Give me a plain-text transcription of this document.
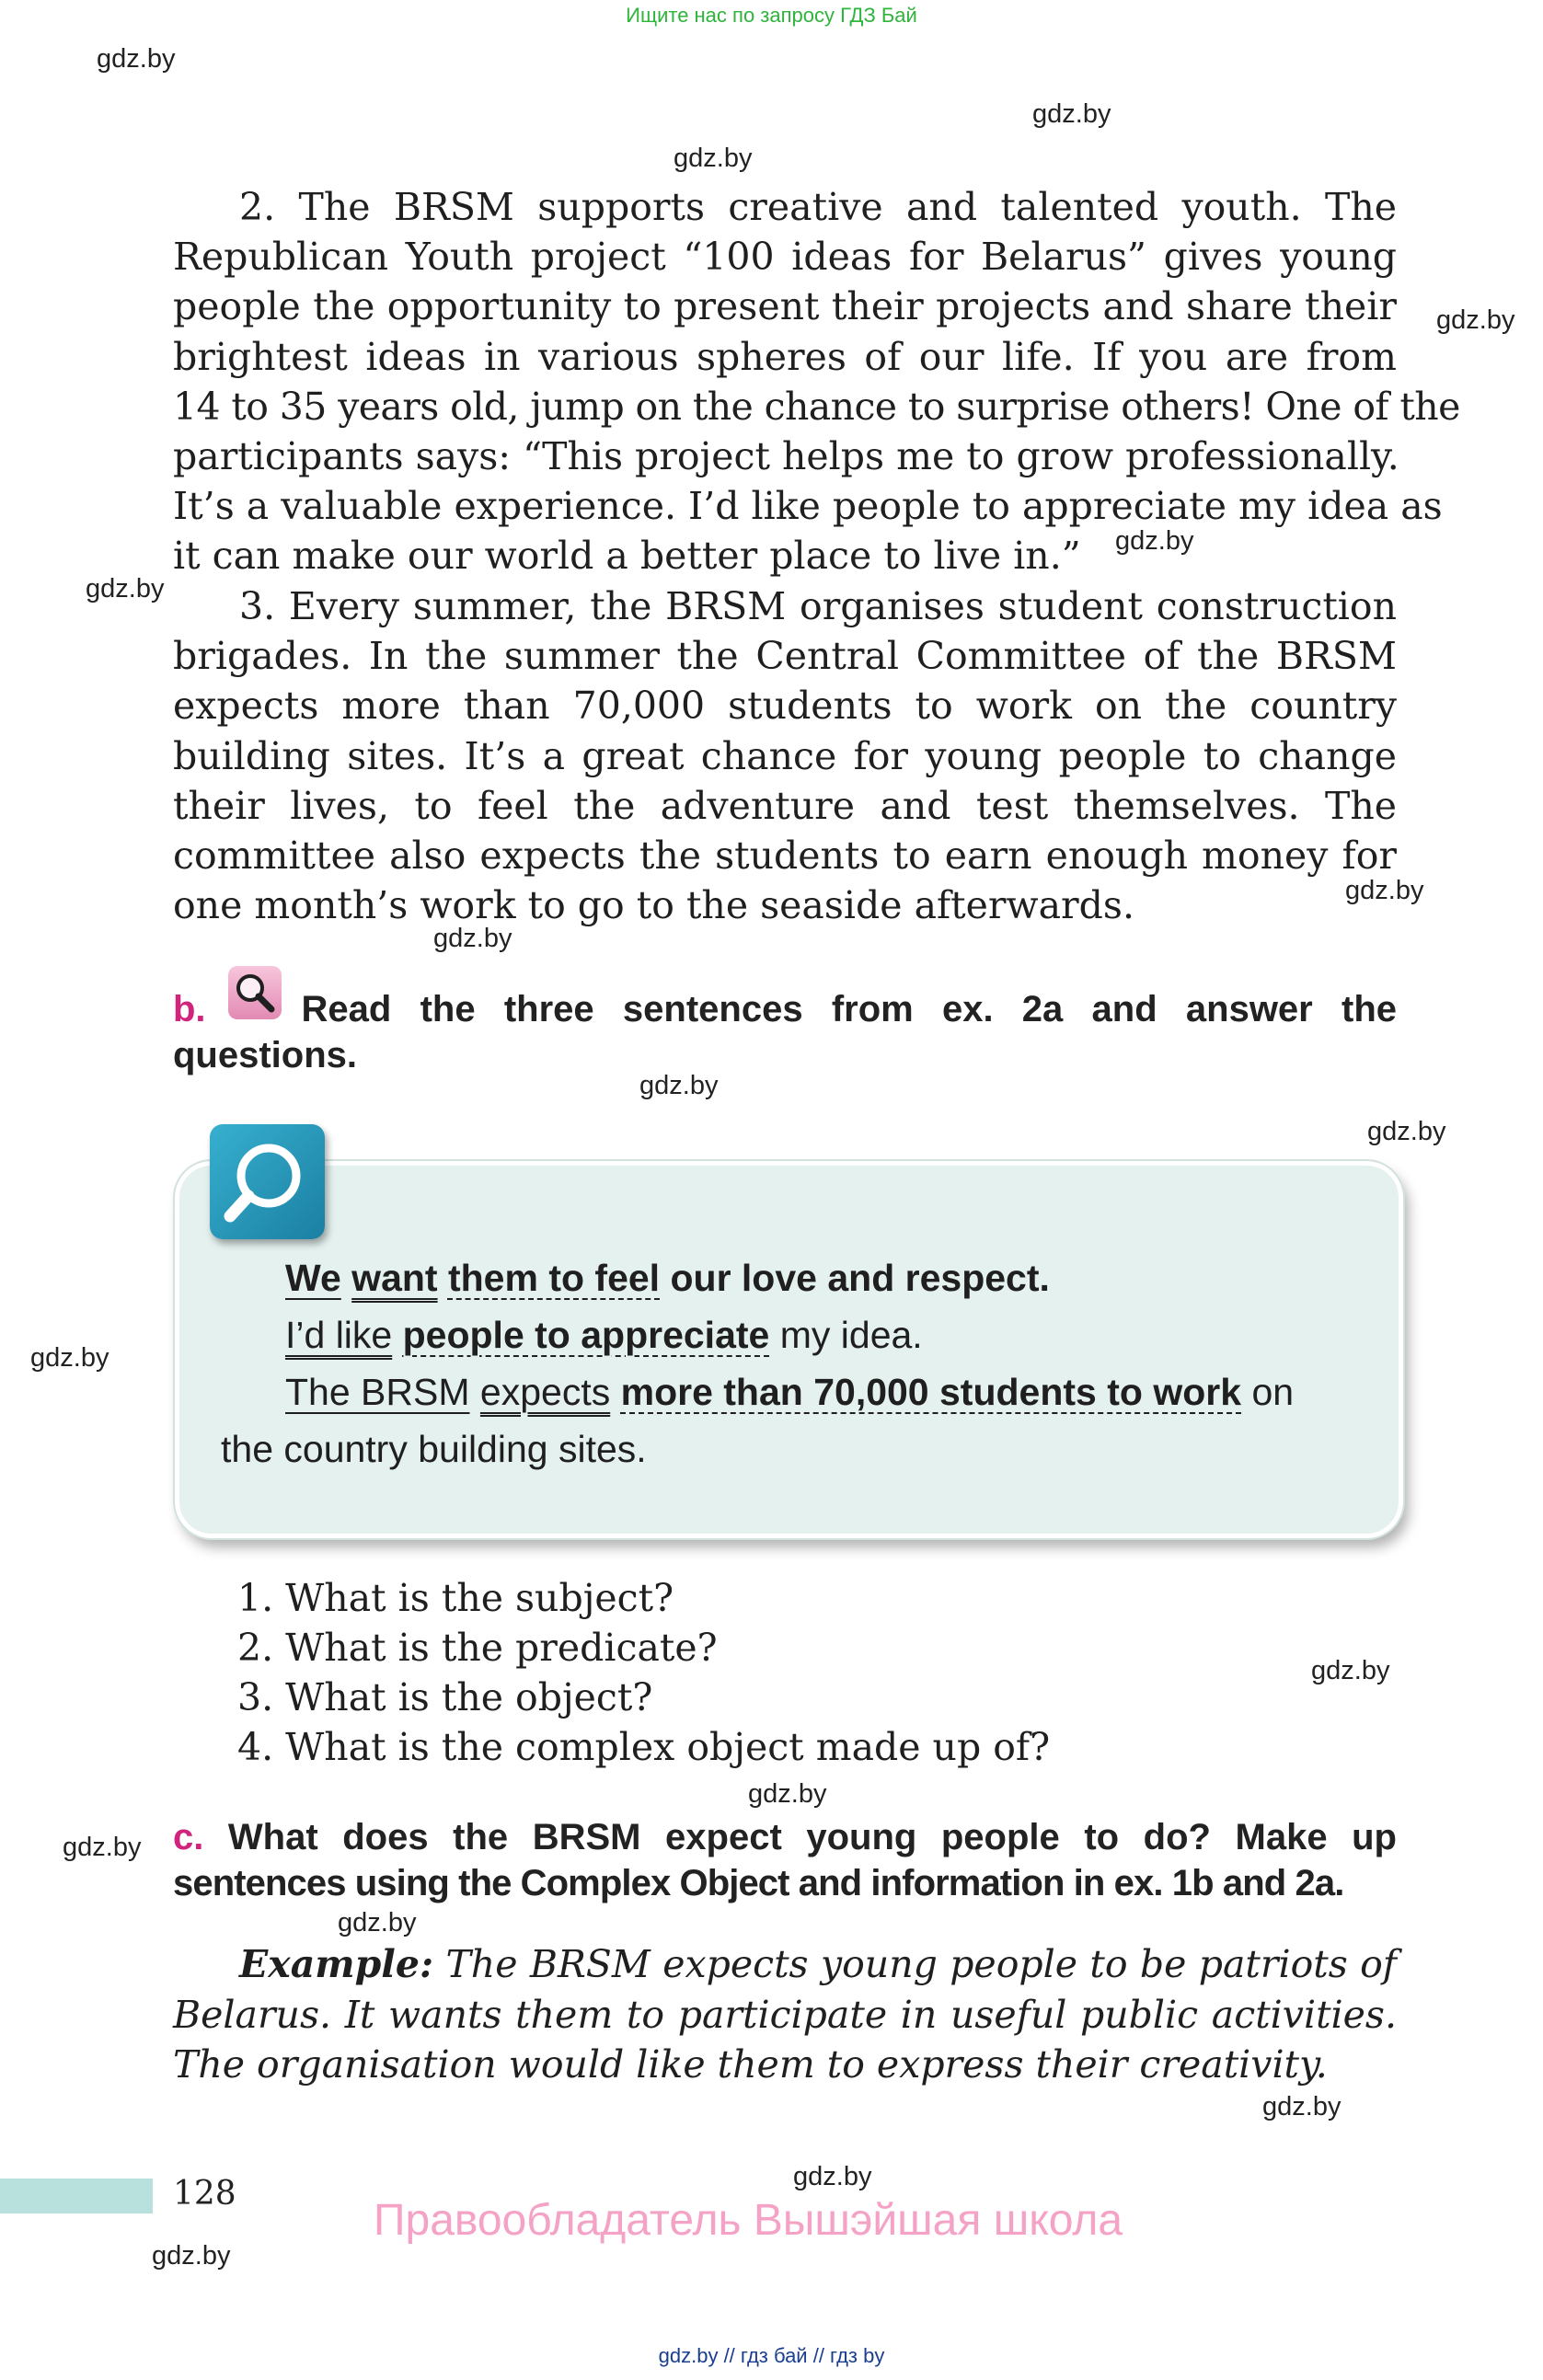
Ищите нас по запросу ГДЗ Бай
gdz.by
gdz.by
gdz.by
gdz.by
gdz.by
gdz.by
gdz.by
gdz.by
gdz.by
gdz.by
gdz.by
gdz.by
gdz.by
gdz.by
gdz.by
gdz.by
gdz.by
gdz.by
2. The BRSM supports creative and talented youth. The
Republican Youth project “100 ideas for Belarus” gives young
people the opportunity to present their projects and share their
brightest ideas in various spheres of our life. If you are from
14 to 35 years old, jump on the chance to surprise others! One of the
participants says: “This project helps me to grow professionally.
It’s a valuable experience. I’d like people to appreciate my idea as
it can make our world a better place to live in.”
3. Every summer, the BRSM organises student construction
brigades. In the summer the Central Committee of the BRSM
expects more than 70,000 students to work on the country
building sites. It’s a great chance for young people to change
their lives, to feel the adventure and test themselves. The
committee also expects the students to earn enough money for
one month’s work to go to the seaside afterwards.
b.	Read the three sentences from ex. 2a and answer the
questions.
We want them to feel our love and respect.
I’d like people to appreciate my idea.
The BRSM expects more than 70,000 students to work on
the country building sites.
1. What is the subject?
2. What is the predicate?
3. What is the object?
4. What is the complex object made up of?
c. What does the BRSM expect young people to do? Make up
sentences using the Complex Object and information in ex. 1b and 2a.
Example: The BRSM expects young people to be patriots of
Belarus. It wants them to participate in useful public activities.
The organisation would like them to express their creativity.
128
Правообладатель Вышэйшая школа
gdz.by // гдз бай // гдз by
